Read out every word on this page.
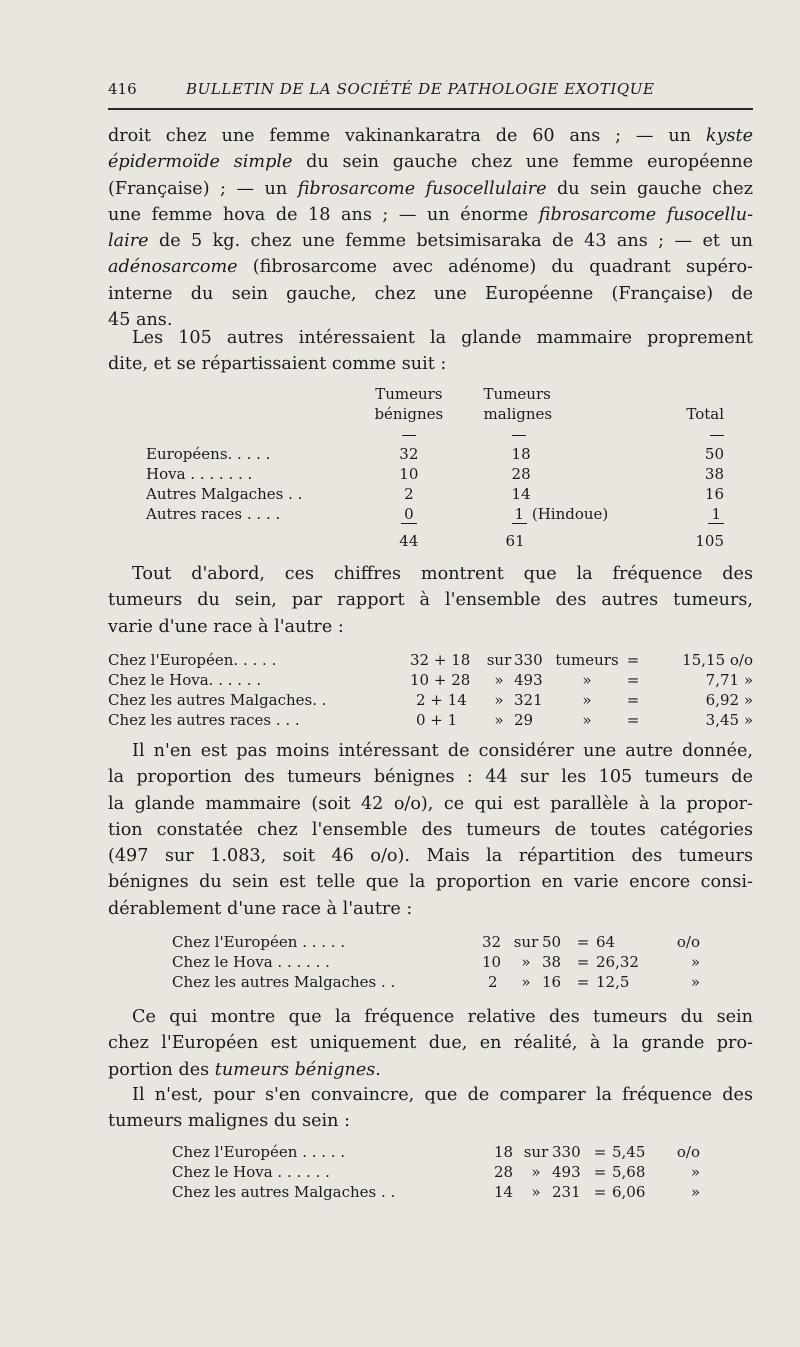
416	BULLETIN DE LA SOCIÉTÉ DE PATHOLOGIE EXOTIQUE
droit chez une femme vakinankaratra de 60 ans ; — un kyste
épidermoïde simple du sein gauche chez une femme européenne
(Française) ; — un fibrosarcome fusocellulaire du sein gauche chez
une femme hova de 18 ans ; — un énorme fibrosarcome fusocellu-
laire de 5 kg. chez une femme betsimisaraka de 43 ans ; — et un
adénosarcome (fibrosarcome avec adénome) du quadrant supéro-
interne du sein gauche, chez une Européenne (Française) de
45 ans.
Les 105 autres intéressaient la glande mammaire proprement
dite, et se répartissaient comme suit :
	Tumeurs	Tumeurs	
	bénignes	malignes	Total

Européens. . . . .	32	18	50
Hova . . . . . . .	10	28	38
Autres Malgaches . .	2	14	16
Autres races . . . .	0	1 (Hindoue)	1
	44	61	105
Tout d'abord, ces chiffres montrent que la fréquence des
tumeurs du sein, par rapport à l'ensemble des autres tumeurs,
varie d'une race à l'autre :
Chez l'Européen. . . . .	32 + 18	sur	330	tumeurs	=	15,15 o/o
Chez le Hova. . . . . .	10 + 28	»	493	»	=	7,71 »
Chez les autres Malgaches. .	2 + 14	»	321	»	=	6,92 »
Chez les autres races . . .	0 + 1	»	29	»	=	3,45 »
Il n'en est pas moins intéressant de considérer une autre donnée,
la proportion des tumeurs bénignes : 44 sur les 105 tumeurs de
la glande mammaire (soit 42 o/o), ce qui est parallèle à la propor-
tion constatée chez l'ensemble des tumeurs de toutes catégories
(497 sur 1.083, soit 46 o/o). Mais la répartition des tumeurs
bénignes du sein est telle que la proportion en varie encore consi-
dérablement d'une race à l'autre :
Chez l'Européen . . . . .	32	sur	50	=	64	o/o
Chez le Hova . . . . . .	10	»	38	=	26,32	»
Chez les autres Malgaches . .	2	»	16	=	12,5	»
Ce qui montre que la fréquence relative des tumeurs du sein
chez l'Européen est uniquement due, en réalité, à la grande pro-
portion des tumeurs bénignes.
Il n'est, pour s'en convaincre, que de comparer la fréquence des
tumeurs malignes du sein :
Chez l'Européen . . . . .	18	sur	330	=	5,45	o/o
Chez le Hova . . . . . .	28	»	493	=	5,68	»
Chez les autres Malgaches . .	14	»	231	=	6,06	»
